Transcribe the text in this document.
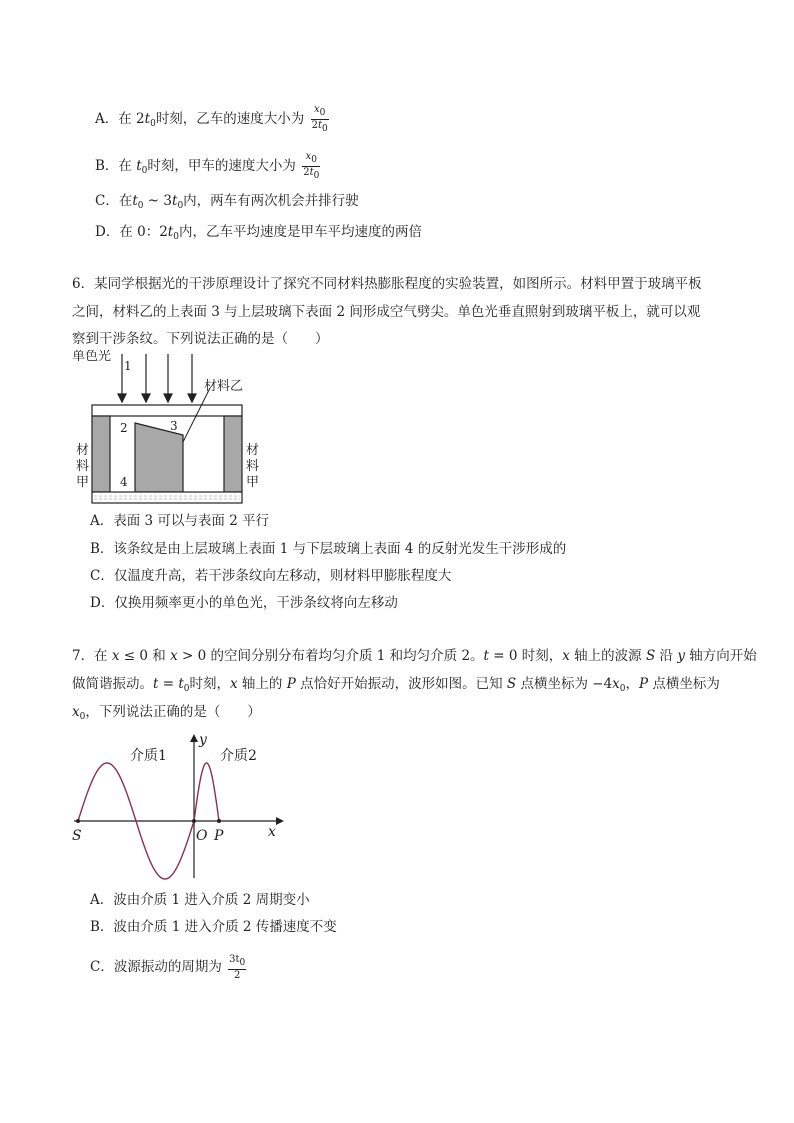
A．在 $2t_0$时刻，乙车的速度大小为 $\frac{x0}{2t0}$
B．在 $t_0$时刻，甲车的速度大小为 $\frac{x0}{2t0}$
C．在$t_0$ ~ $3t_0$内，两车有两次机会并排行驶
D．在 0：$2t_0$内，乙车平均速度是甲车平均速度的两倍
6．某同学根据光的干涉原理设计了探究不同材料热膨胀程度的实验装置，如图所示。材料甲置于玻璃平板
之间，材料乙的上表面 3 与上层玻璃下表面 2 间形成空气劈尖。单色光垂直照射到玻璃平板上，就可以观
察到干涉条纹。下列说法正确的是（　　）
单色光
材料乙
1
2	3
4
材
料
甲
材
料
甲
A．表面 3 可以与表面 2 平行
B．该条纹是由上层玻璃上表面 1 与下层玻璃上表面 4 的反射光发生干涉形成的
C．仅温度升高，若干涉条纹向左移动，则材料甲膨胀程度大
D．仅换用频率更小的单色光，干涉条纹将向左移动
7．在 x ≤ 0 和 x > 0 的空间分别分布着均匀介质 1 和均匀介质 2。t = 0 时刻，x 轴上的波源 S 沿 y 轴方向开始
做简谐振动。$t = t_0$时刻，x 轴上的 P 点恰好开始振动，波形如图。已知 S 点横坐标为 $-4x_0$，P 点横坐标为
$x_0$，下列说法正确的是（　　）
介质1	介质2
y
x
S	O P
A．波由介质 1 进入介质 2 周期变小
B．波由介质 1 进入介质 2 传播速度不变
C．波源振动的周期为 $\frac{3t0}{2}$
